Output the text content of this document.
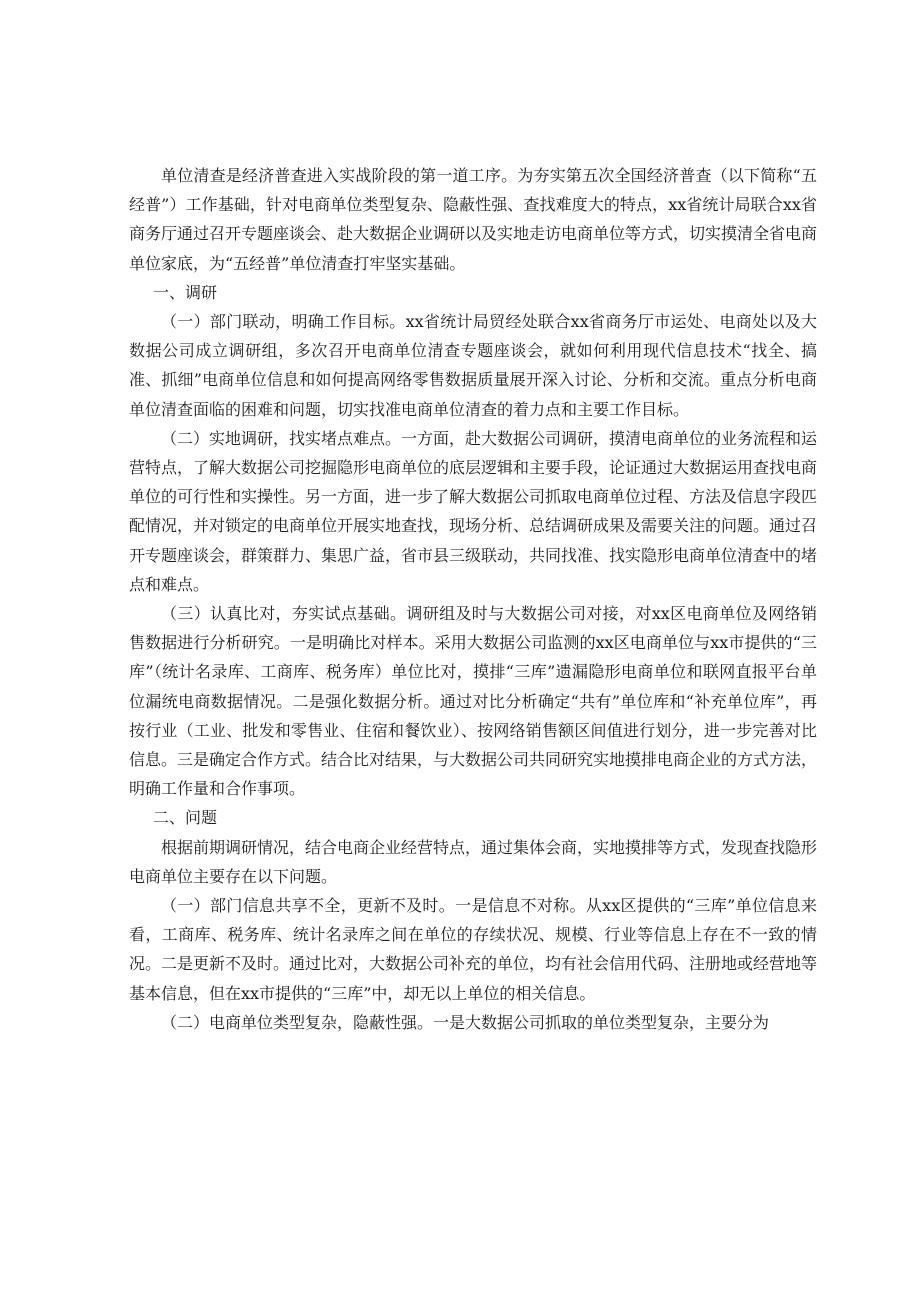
单位清查是经济普查进入实战阶段的第一道工序。为夯实第五次全国经济普查（以下简称“五经普”）工作基础，针对电商单位类型复杂、隐蔽性强、查找难度大的特点，xx省统计局联合xx省商务厅通过召开专题座谈会、赴大数据企业调研以及实地走访电商单位等方式，切实摸清全省电商单位家底，为“五经普”单位清查打牢坚实基础。

一、调研

（一）部门联动，明确工作目标。xx省统计局贸经处联合xx省商务厅市运处、电商处以及大数据公司成立调研组，多次召开电商单位清查专题座谈会，就如何利用现代信息技术“找全、搞准、抓细”电商单位信息和如何提高网络零售数据质量展开深入讨论、分析和交流。重点分析电商单位清查面临的困难和问题，切实找准电商单位清查的着力点和主要工作目标。

（二）实地调研，找实堵点难点。一方面，赴大数据公司调研，摸清电商单位的业务流程和运营特点，了解大数据公司挖掘隐形电商单位的底层逻辑和主要手段，论证通过大数据运用查找电商单位的可行性和实操性。另一方面，进一步了解大数据公司抓取电商单位过程、方法及信息字段匹配情况，并对锁定的电商单位开展实地查找，现场分析、总结调研成果及需要关注的问题。通过召开专题座谈会，群策群力、集思广益，省市县三级联动，共同找准、找实隐形电商单位清查中的堵点和难点。

（三）认真比对，夯实试点基础。调研组及时与大数据公司对接，对xx区电商单位及网络销售数据进行分析研究。一是明确比对样本。采用大数据公司监测的xx区电商单位与xx市提供的“三库”（统计名录库、工商库、税务库）单位比对，摸排“三库”遗漏隐形电商单位和联网直报平台单位漏统电商数据情况。二是强化数据分析。通过对比分析确定“共有”单位库和“补充单位库”，再按行业（工业、批发和零售业、住宿和餐饮业）、按网络销售额区间值进行划分，进一步完善对比信息。三是确定合作方式。结合比对结果，与大数据公司共同研究实地摸排电商企业的方式方法，明确工作量和合作事项。

二、问题

根据前期调研情况，结合电商企业经营特点，通过集体会商，实地摸排等方式，发现查找隐形电商单位主要存在以下问题。

（一）部门信息共享不全，更新不及时。一是信息不对称。从xx区提供的“三库”单位信息来看，工商库、税务库、统计名录库之间在单位的存续状况、规模、行业等信息上存在不一致的情况。二是更新不及时。通过比对，大数据公司补充的单位，均有社会信用代码、注册地或经营地等基本信息，但在xx市提供的“三库”中，却无以上单位的相关信息。

（二）电商单位类型复杂，隐蔽性强。一是大数据公司抓取的单位类型复杂，主要分为
